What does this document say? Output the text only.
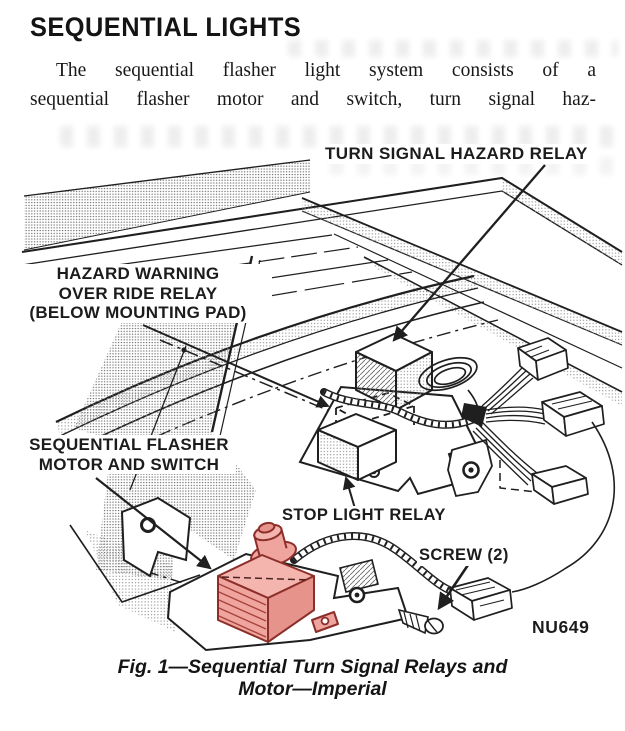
SEQUENTIAL LIGHTS
The sequential flasher light system consists of a
sequential flasher motor and switch, turn signal haz-
TURN SIGNAL HAZARD RELAY
HAZARD WARNING
OVER RIDE RELAY
(BELOW MOUNTING PAD)
SEQUENTIAL FLASHER
MOTOR AND SWITCH
STOP LIGHT RELAY
SCREW (2)
NU649
Fig. 1—Sequential Turn Signal Relays and
Motor—Imperial
